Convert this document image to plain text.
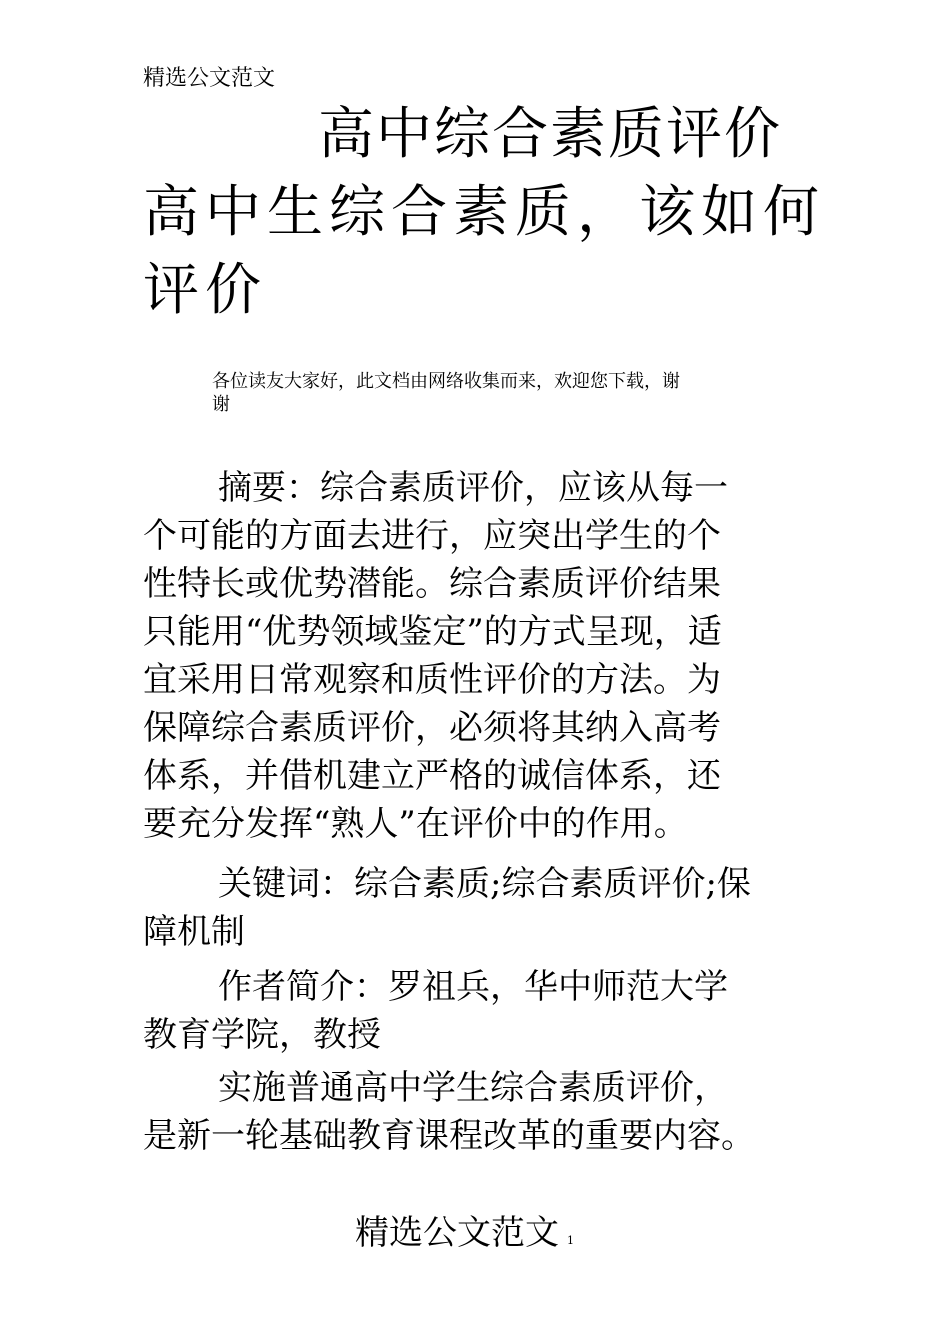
精选公文范文
高中综合素质评价
高中生综合素质，该如何
评价
各位读友大家好，此文档由网络收集而来，欢迎您下载，谢
谢
摘要：综合素质评价，应该从每一
个可能的方面去进行，应突出学生的个
性特长或优势潜能。综合素质评价结果
只能用“优势领域鉴定”的方式呈现，适
宜采用日常观察和质性评价的方法。为
保障综合素质评价，必须将其纳入高考
体系，并借机建立严格的诚信体系，还
要充分发挥“熟人”在评价中的作用。
关键词：综合素质;综合素质评价;保
障机制
作者简介：罗祖兵，华中师范大学
教育学院，教授
实施普通高中学生综合素质评价，
是新一轮基础教育课程改革的重要内容。
精选公文范文 1
